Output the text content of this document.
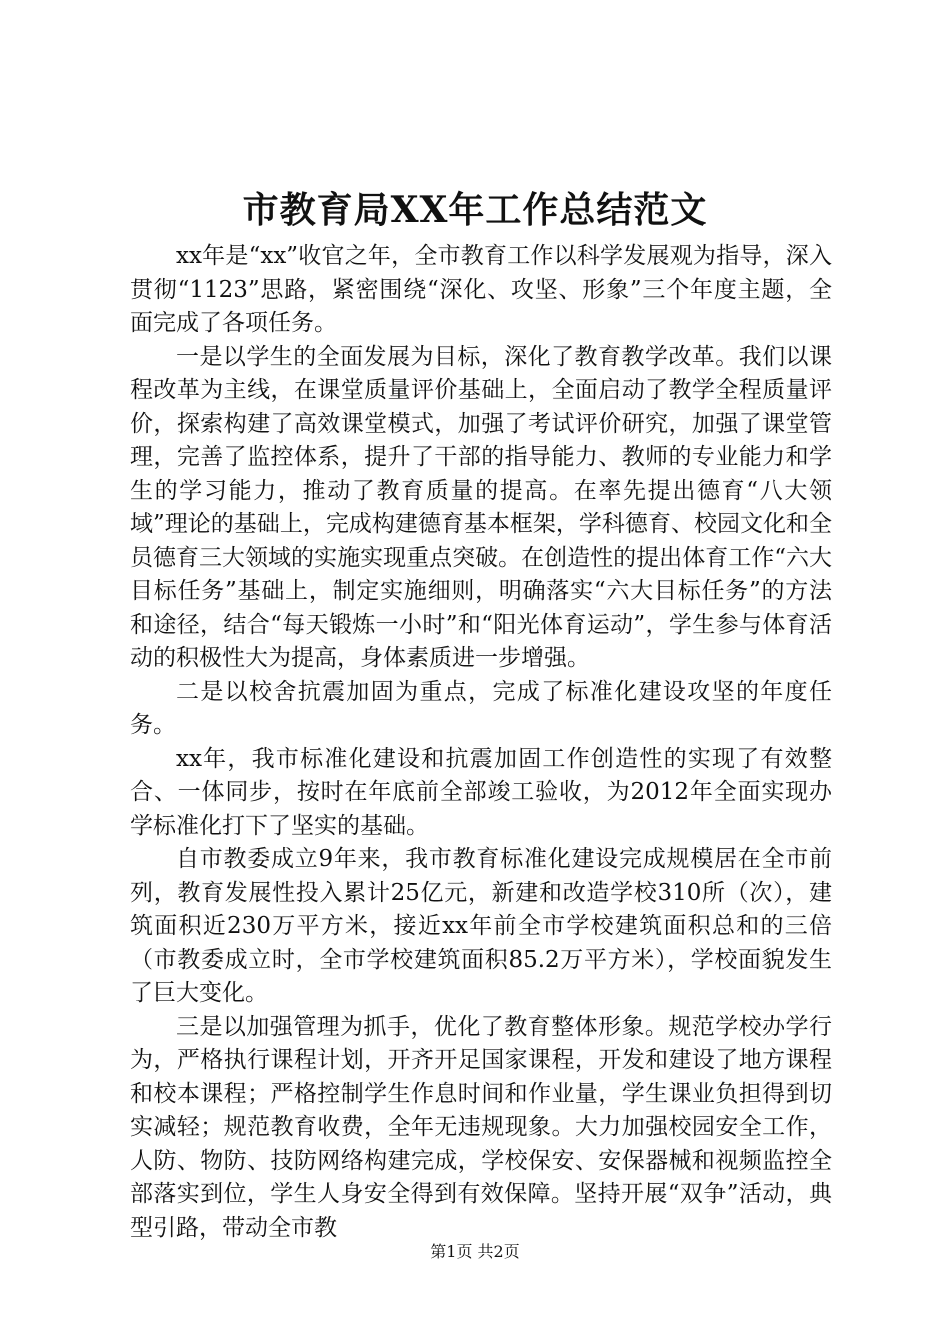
市教育局XX年工作总结范文

xx年是“xx”收官之年，全市教育工作以科学发展观为指导，深入贯彻“1123”思路，紧密围绕“深化、攻坚、形象”三个年度主题，全面完成了各项任务。

一是以学生的全面发展为目标，深化了教育教学改革。我们以课程改革为主线，在课堂质量评价基础上，全面启动了教学全程质量评价，探索构建了高效课堂模式，加强了考试评价研究，加强了课堂管理，完善了监控体系，提升了干部的指导能力、教师的专业能力和学生的学习能力，推动了教育质量的提高。在率先提出德育“八大领域”理论的基础上，完成构建德育基本框架，学科德育、校园文化和全员德育三大领域的实施实现重点突破。在创造性的提出体育工作“六大目标任务”基础上，制定实施细则，明确落实“六大目标任务”的方法和途径，结合“每天锻炼一小时”和“阳光体育运动”，学生参与体育活动的积极性大为提高，身体素质进一步增强。

二是以校舍抗震加固为重点，完成了标准化建设攻坚的年度任务。

xx年，我市标准化建设和抗震加固工作创造性的实现了有效整合、一体同步，按时在年底前全部竣工验收，为2012年全面实现办学标准化打下了坚实的基础。

自市教委成立9年来，我市教育标准化建设完成规模居在全市前列，教育发展性投入累计25亿元，新建和改造学校310所（次），建筑面积近230万平方米，接近xx年前全市学校建筑面积总和的三倍（市教委成立时，全市学校建筑面积85.2万平方米），学校面貌发生了巨大变化。

三是以加强管理为抓手，优化了教育整体形象。规范学校办学行为，严格执行课程计划，开齐开足国家课程，开发和建设了地方课程和校本课程；严格控制学生作息时间和作业量，学生课业负担得到切实减轻；规范教育收费，全年无违规现象。大力加强校园安全工作，人防、物防、技防网络构建完成，学校保安、安保器械和视频监控全部落实到位，学生人身安全得到有效保障。坚持开展“双争”活动，典型引路，带动全市教

第1页 共2页
